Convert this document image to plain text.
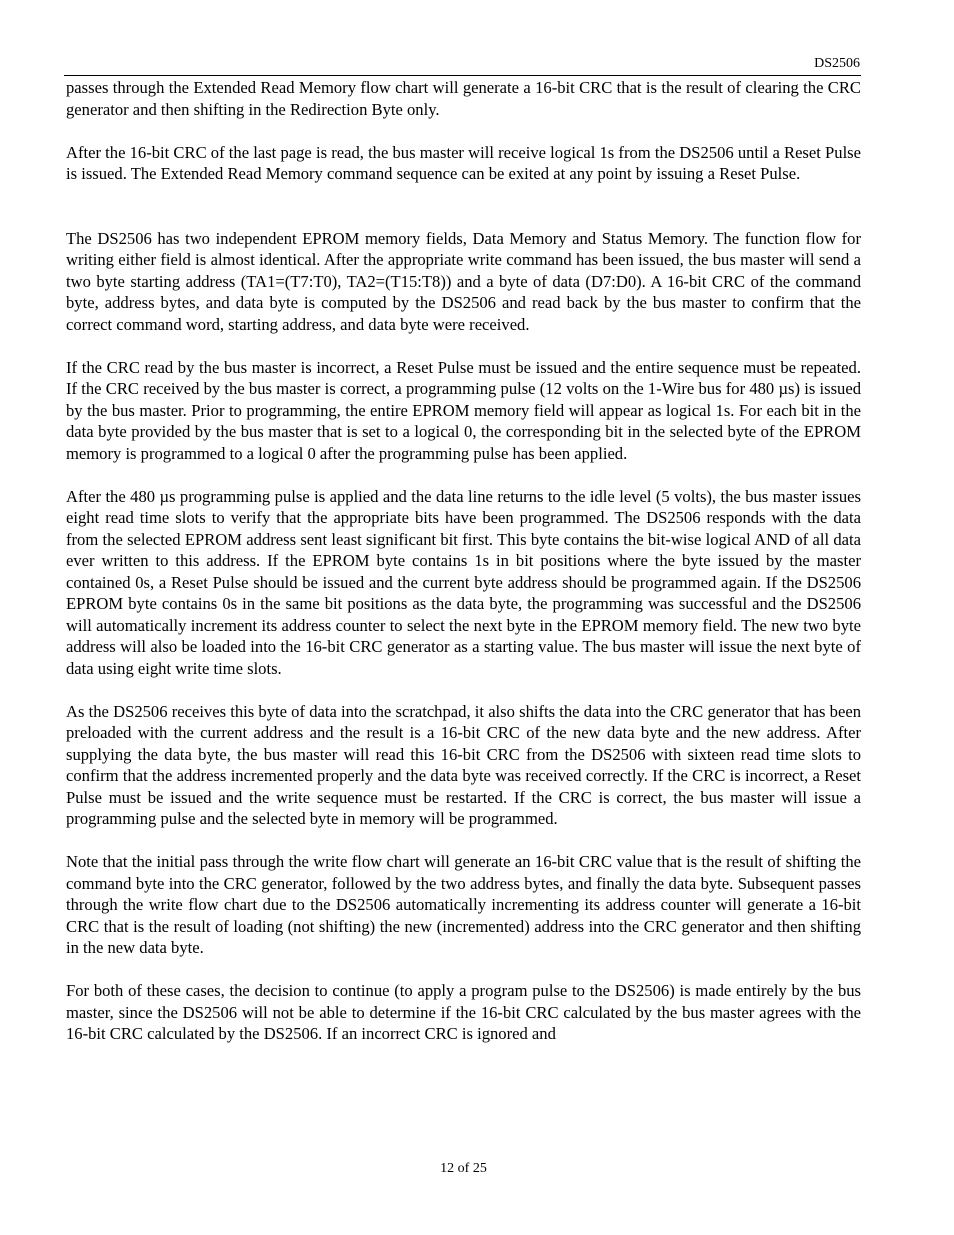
DS2506

passes through the Extended Read Memory flow chart will generate a 16-bit CRC that is the result of clearing the CRC generator and then shifting in the Redirection Byte only.

After the 16-bit CRC of the last page is read, the bus master will receive logical 1s from the DS2506 until a Reset Pulse is issued. The Extended Read Memory command sequence can be exited at any point by issuing a Reset Pulse.

The DS2506 has two independent EPROM memory fields, Data Memory and Status Memory. The function flow for writing either field is almost identical. After the appropriate write command has been issued, the bus master will send a two byte starting address (TA1=(T7:T0), TA2=(T15:T8)) and a byte of data (D7:D0). A 16-bit CRC of the command byte, address bytes, and data byte is computed by the DS2506 and read back by the bus master to confirm that the correct command word, starting address, and data byte were received.

If the CRC read by the bus master is incorrect, a Reset Pulse must be issued and the entire sequence must be repeated. If the CRC received by the bus master is correct, a programming pulse (12 volts on the 1-Wire bus for 480 µs) is issued by the bus master. Prior to programming, the entire EPROM memory field will appear as logical 1s. For each bit in the data byte provided by the bus master that is set to a logical 0, the corresponding bit in the selected byte of the EPROM memory is programmed to a logical 0 after the programming pulse has been applied.

After the 480 µs programming pulse is applied and the data line returns to the idle level (5 volts), the bus master issues eight read time slots to verify that the appropriate bits have been programmed. The DS2506 responds with the data from the selected EPROM address sent least significant bit first. This byte contains the bit-wise logical AND of all data ever written to this address. If the EPROM byte contains 1s in bit positions where the byte issued by the master contained 0s, a Reset Pulse should be issued and the current byte address should be programmed again. If the DS2506 EPROM byte contains 0s in the same bit positions as the data byte, the programming was successful and the DS2506 will automatically increment its address counter to select the next byte in the EPROM memory field. The new two byte address will also be loaded into the 16-bit CRC generator as a starting value. The bus master will issue the next byte of data using eight write time slots.

As the DS2506 receives this byte of data into the scratchpad, it also shifts the data into the CRC generator that has been preloaded with the current address and the result is a 16-bit CRC of the new data byte and the new address. After supplying the data byte, the bus master will read this 16-bit CRC from the DS2506 with sixteen read time slots to confirm that the address incremented properly and the data byte was received correctly. If the CRC is incorrect, a Reset Pulse must be issued and the write sequence must be restarted. If the CRC is correct, the bus master will issue a programming pulse and the selected byte in memory will be programmed.

Note that the initial pass through the write flow chart will generate an 16-bit CRC value that is the result of shifting the command byte into the CRC generator, followed by the two address bytes, and finally the data byte. Subsequent passes through the write flow chart due to the DS2506 automatically incrementing its address counter will generate a 16-bit CRC that is the result of loading (not shifting) the new (incremented) address into the CRC generator and then shifting in the new data byte.

For both of these cases, the decision to continue (to apply a program pulse to the DS2506) is made entirely by the bus master, since the DS2506 will not be able to determine if the 16-bit CRC calculated by the bus master agrees with the 16-bit CRC calculated by the DS2506. If an incorrect CRC is ignored and

12 of 25
